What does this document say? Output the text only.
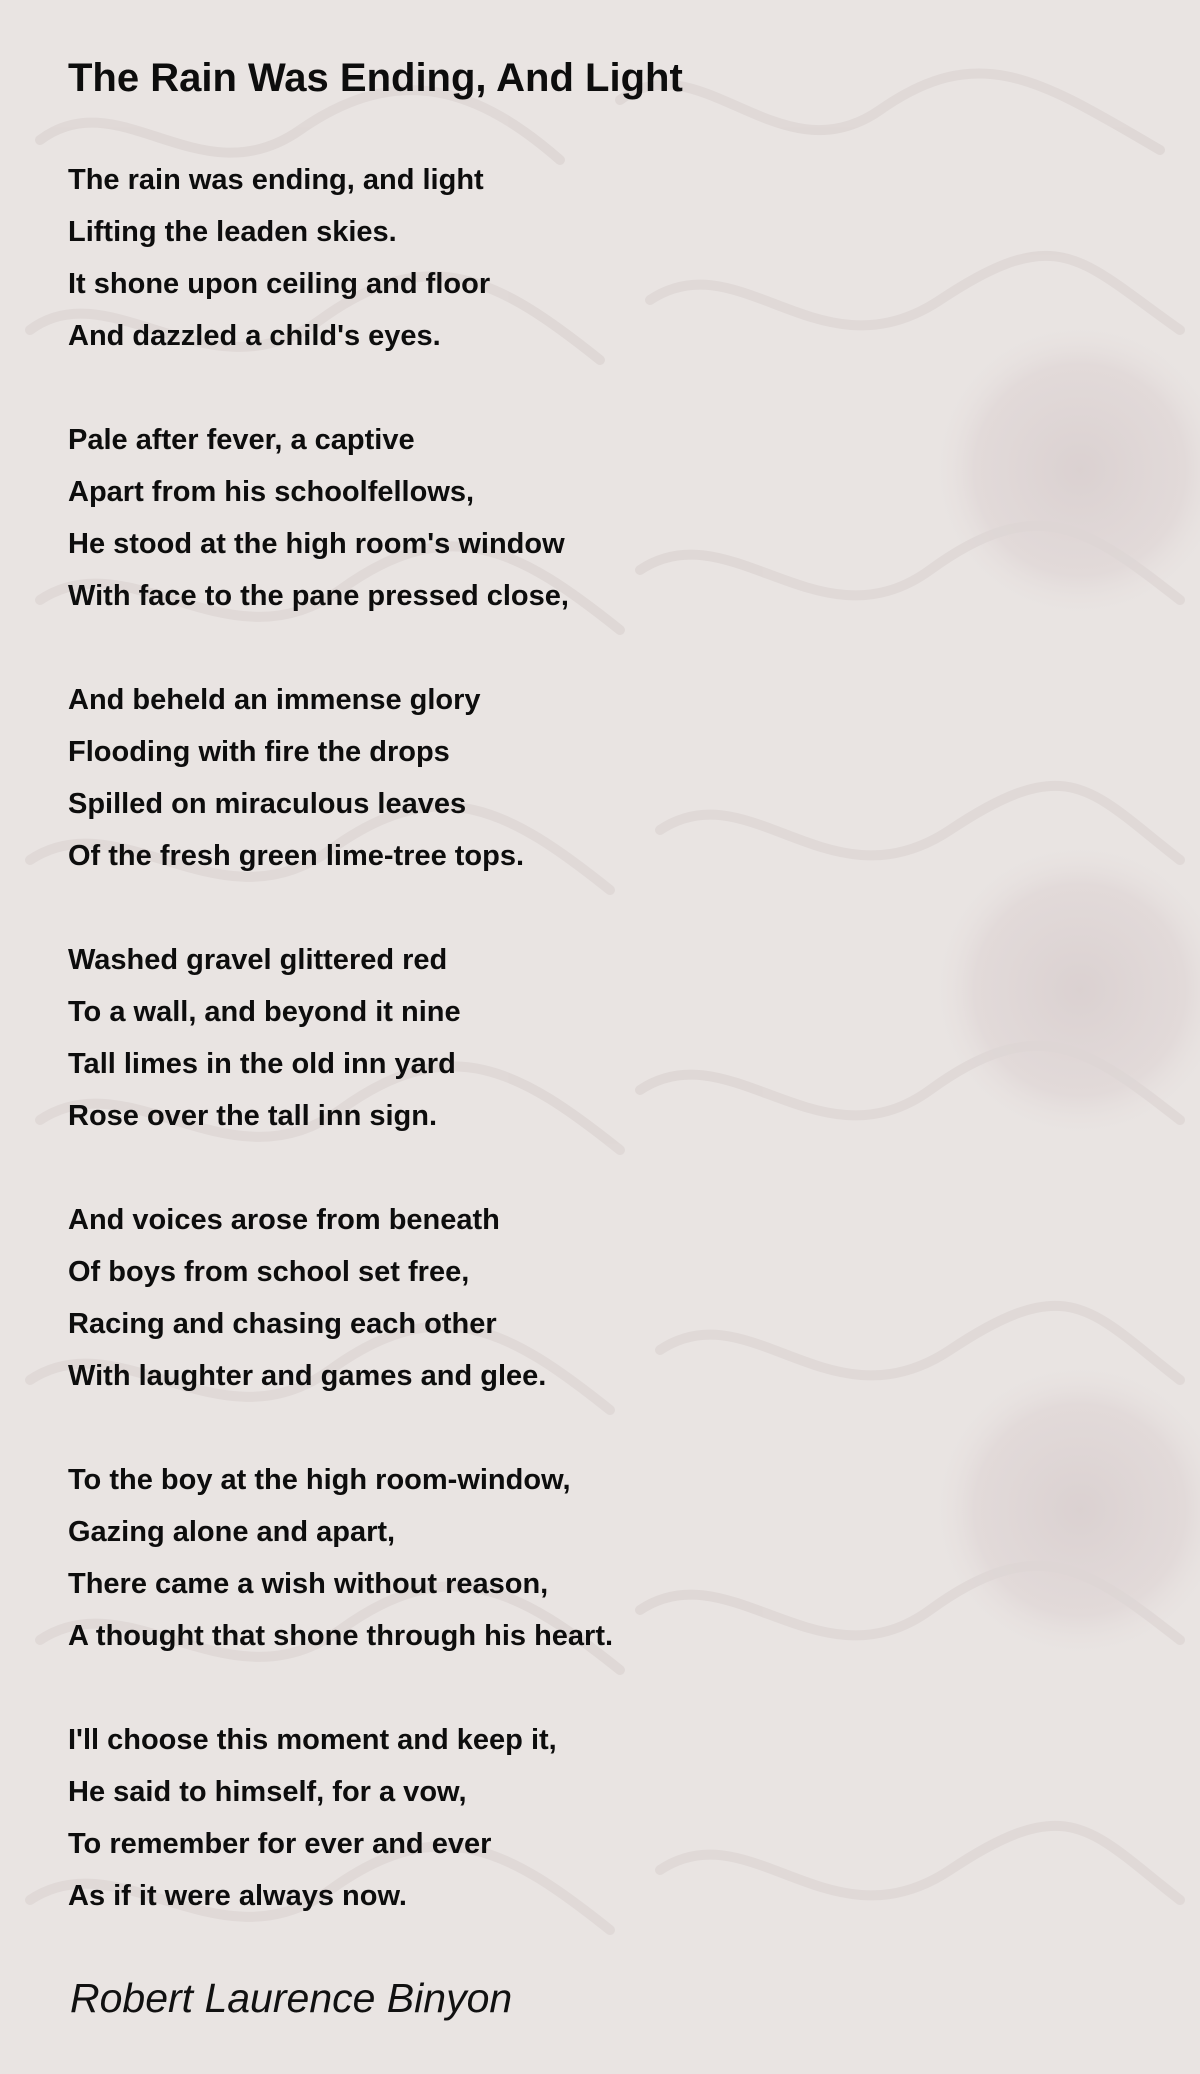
The Rain Was Ending, And Light
The rain was ending, and light
Lifting the leaden skies.
It shone upon ceiling and floor
And dazzled a child's eyes.
Pale after fever, a captive
Apart from his schoolfellows,
He stood at the high room's window
With face to the pane pressed close,
And beheld an immense glory
Flooding with fire the drops
Spilled on miraculous leaves
Of the fresh green lime-tree tops.
Washed gravel glittered red
To a wall, and beyond it nine
Tall limes in the old inn yard
Rose over the tall inn sign.
And voices arose from beneath
Of boys from school set free,
Racing and chasing each other
With laughter and games and glee.
To the boy at the high room-window,
Gazing alone and apart,
There came a wish without reason,
A thought that shone through his heart.
I'll choose this moment and keep it,
He said to himself, for a vow,
To remember for ever and ever
As if it were always now.

Robert Laurence Binyon
